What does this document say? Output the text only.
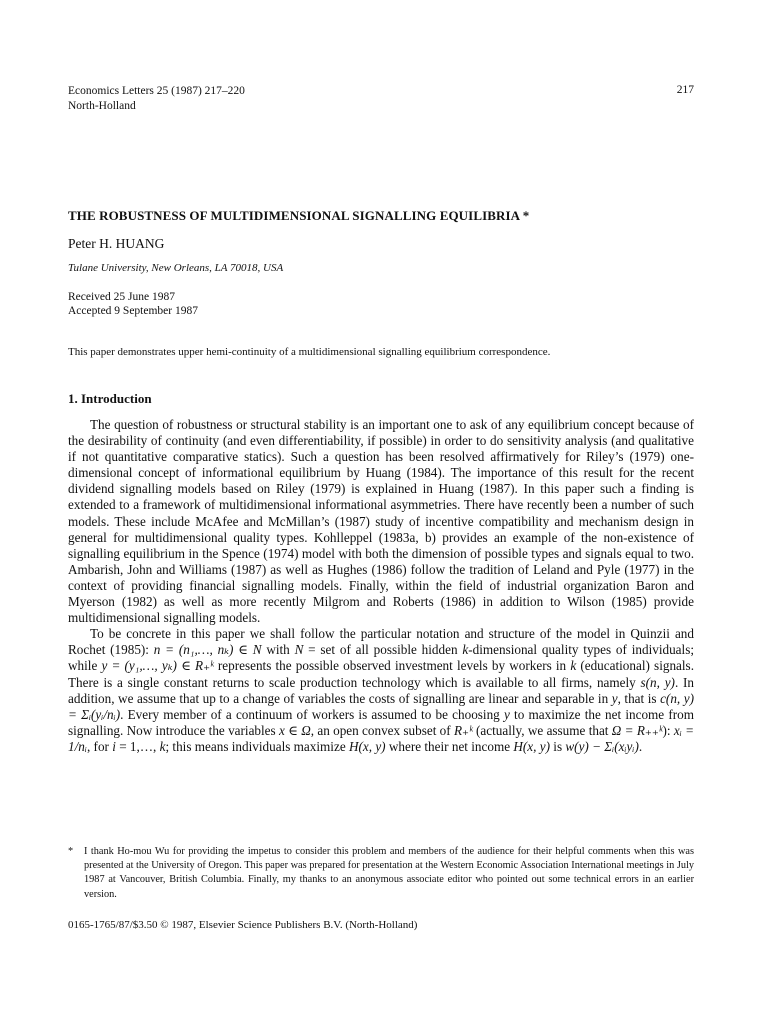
Economics Letters 25 (1987) 217–220
North-Holland
217
THE ROBUSTNESS OF MULTIDIMENSIONAL SIGNALLING EQUILIBRIA *
Peter H. HUANG
Tulane University, New Orleans, LA 70018, USA
Received 25 June 1987
Accepted 9 September 1987
This paper demonstrates upper hemi-continuity of a multidimensional signalling equilibrium correspondence.
1. Introduction

The question of robustness or structural stability is an important one to ask of any equilibrium concept because of the desirability of continuity (and even differentiability, if possible) in order to do sensitivity analysis (and qualitative if not quantitative comparative statics). Such a question has been resolved affirmatively for Riley’s (1979) one-dimensional concept of informational equilibrium by Huang (1984). The importance of this result for the recent dividend signalling models based on Riley (1979) is explained in Huang (1987). In this paper such a finding is extended to a framework of multidimensional informational asymmetries. There have recently been a number of such models. These include McAfee and McMillan’s (1987) study of incentive compatibility and mechanism design in general for multidimensional quality types. Kohlleppel (1983a, b) provides an example of the non-existence of signalling equilibrium in the Spence (1974) model with both the dimension of possible types and signals equal to two. Ambarish, John and Williams (1987) as well as Hughes (1986) follow the tradition of Leland and Pyle (1977) in the context of providing financial signalling models. Finally, within the field of industrial organization Baron and Myerson (1982) as well as more recently Milgrom and Roberts (1986) in addition to Wilson (1985) provide multidimensional signalling models.

To be concrete in this paper we shall follow the particular notation and structure of the model in Quinzii and Rochet (1985): n = (n₁,…, nₖ) ∈ N with N = set of all possible hidden k-dimensional quality types of individuals; while y = (y₁,…, yₖ) ∈ R₊ᵏ represents the possible observed investment levels by workers in k (educational) signals. There is a single constant returns to scale production technology which is available to all firms, namely s(n, y). In addition, we assume that up to a change of variables the costs of signalling are linear and separable in y, that is c(n, y) = Σᵢ(yᵢ/nᵢ). Every member of a continuum of workers is assumed to be choosing y to maximize the net income from signalling. Now introduce the variables x ∈ Ω, an open convex subset of R₊ᵏ (actually, we assume that Ω = R₊₊ᵏ): xᵢ = 1/nᵢ, for i = 1,…, k; this means individuals maximize H(x, y) where their net income H(x, y) is w(y) − Σᵢ(xᵢyᵢ).

*	I thank Ho-mou Wu for providing the impetus to consider this problem and members of the audience for their helpful comments when this was presented at the University of Oregon. This paper was prepared for presentation at the Western Economic Association International meetings in July 1987 at Vancouver, British Columbia. Finally, my thanks to an anonymous associate editor who pointed out some technical errors in an earlier version.
0165-1765/87/$3.50 © 1987, Elsevier Science Publishers B.V. (North-Holland)
